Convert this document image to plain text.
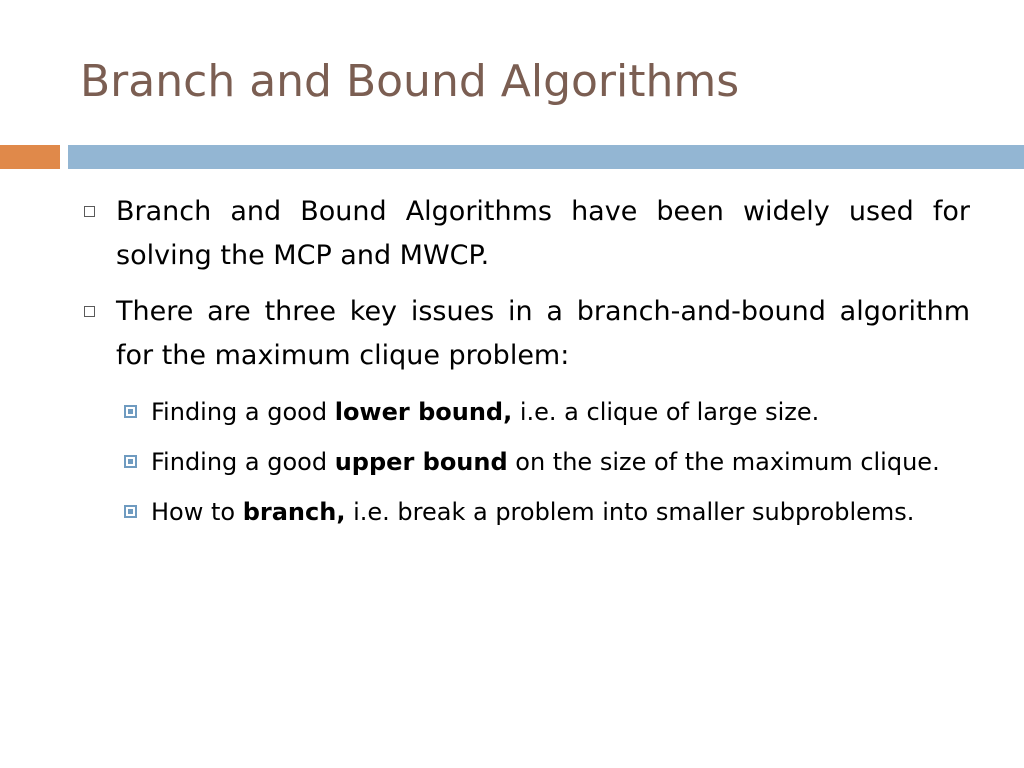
Branch and Bound Algorithms
Branch and Bound Algorithms have been widely used for solving the MCP and MWCP.
There are three key issues in a branch-and-bound algorithm for the maximum clique problem:
Finding a good lower bound, i.e. a clique of large size.
Finding a good upper bound on the size of the maximum clique.
How to branch, i.e. break a problem into smaller subproblems.
